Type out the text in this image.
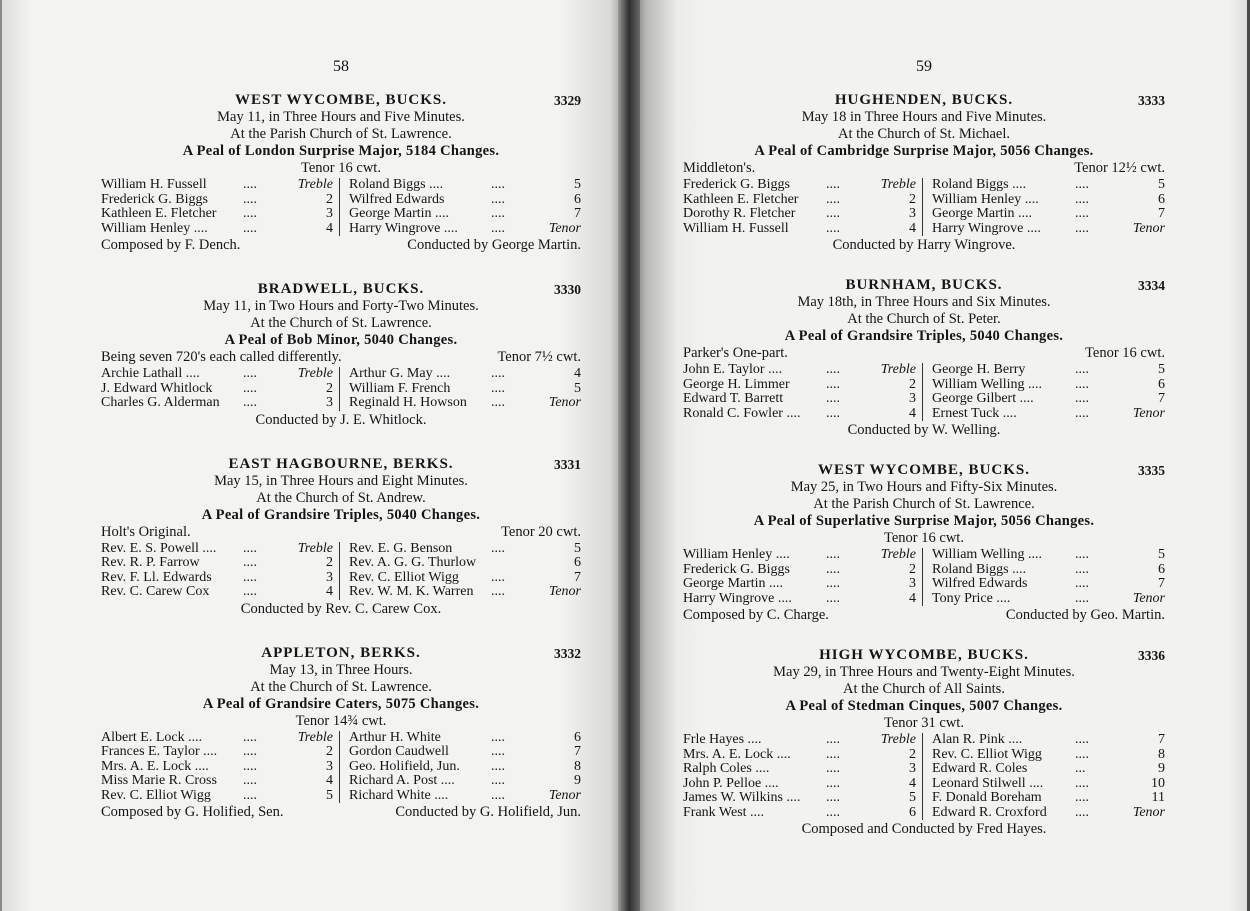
58
WEST WYCOMBE, BUCKS.	3329
May 11, in Three Hours and Five Minutes.
At the Parish Church of St. Lawrence.
A Peal of London Surprise Major, 5184 Changes.
Tenor 16 cwt.
William H. Fussell	....	Treble
Frederick G. Biggs	....	2
Kathleen E. Fletcher	....	3
William Henley ....	....	4
Roland Biggs ....	....	5
Wilfred Edwards	....	6
George Martin ....	....	7
Harry Wingrove ....	....	Tenor
Composed by F. Dench.	Conducted by George Martin.
BRADWELL, BUCKS.	3330
May 11, in Two Hours and Forty-Two Minutes.
At the Church of St. Lawrence.
A Peal of Bob Minor, 5040 Changes.
Being seven 720's each called differently.	Tenor 7½ cwt.
Archie Lathall ....	....	Treble
J. Edward Whitlock	....	2
Charles G. Alderman	....	3
Arthur G. May ....	....	4
William F. French	....	5
Reginald H. Howson	....	Tenor
Conducted by J. E. Whitlock.
EAST HAGBOURNE, BERKS.	3331
May 15, in Three Hours and Eight Minutes.
At the Church of St. Andrew.
A Peal of Grandsire Triples, 5040 Changes.
Holt's Original.	Tenor 20 cwt.
Rev. E. S. Powell ....	....	Treble
Rev. R. P. Farrow	....	2
Rev. F. Ll. Edwards	....	3
Rev. C. Carew Cox	....	4
Rev. E. G. Benson	....	5
Rev. A. G. G. Thurlow	6
Rev. C. Elliot Wigg	....	7
Rev. W. M. K. Warren	....	Tenor
Conducted by Rev. C. Carew Cox.
APPLETON, BERKS.	3332
May 13, in Three Hours.
At the Church of St. Lawrence.
A Peal of Grandsire Caters, 5075 Changes.
Tenor 14¾ cwt.
Albert E. Lock ....	....	Treble
Frances E. Taylor ....	....	2
Mrs. A. E. Lock ....	....	3
Miss Marie R. Cross	....	4
Rev. C. Elliot Wigg	....	5
Arthur H. White	....	6
Gordon Caudwell	....	7
Geo. Holifield, Jun.	....	8
Richard A. Post ....	....	9
Richard White ....	....	Tenor
Composed by G. Holified, Sen.	Conducted by G. Holifield, Jun.
59
HUGHENDEN, BUCKS.	3333
May 18 in Three Hours and Five Minutes.
At the Church of St. Michael.
A Peal of Cambridge Surprise Major, 5056 Changes.
Middleton's.	Tenor 12½ cwt.
Frederick G. Biggs	....	Treble
Kathleen E. Fletcher	....	2
Dorothy R. Fletcher	....	3
William H. Fussell	....	4
Roland Biggs ....	....	5
William Henley ....	....	6
George Martin ....	....	7
Harry Wingrove ....	....	Tenor
Conducted by Harry Wingrove.
BURNHAM, BUCKS.	3334
May 18th, in Three Hours and Six Minutes.
At the Church of St. Peter.
A Peal of Grandsire Triples, 5040 Changes.
Parker's One-part.	Tenor 16 cwt.
John E. Taylor ....	....	Treble
George H. Limmer	....	2
Edward T. Barrett	....	3
Ronald C. Fowler ....	....	4
George H. Berry	....	5
William Welling ....	....	6
George Gilbert ....	....	7
Ernest Tuck ....	....	Tenor
Conducted by W. Welling.
WEST WYCOMBE, BUCKS.	3335
May 25, in Two Hours and Fifty-Six Minutes.
At the Parish Church of St. Lawrence.
A Peal of Superlative Surprise Major, 5056 Changes.
Tenor 16 cwt.
William Henley ....	....	Treble
Frederick G. Biggs	....	2
George Martin ....	....	3
Harry Wingrove ....	....	4
William Welling ....	....	5
Roland Biggs ....	....	6
Wilfred Edwards	....	7
Tony Price ....	....	Tenor
Composed by C. Charge.	Conducted by Geo. Martin.
HIGH WYCOMBE, BUCKS.	3336
May 29, in Three Hours and Twenty-Eight Minutes.
At the Church of All Saints.
A Peal of Stedman Cinques, 5007 Changes.
Tenor 31 cwt.
Frle Hayes ....	....	Treble
Mrs. A. E. Lock ....	....	2
Ralph Coles ....	....	3
John P. Pelloe ....	....	4
James W. Wilkins ....	....	5
Frank West ....	....	6
Alan R. Pink ....	....	7
Rev. C. Elliot Wigg	....	8
Edward R. Coles	...	9
Leonard Stilwell ....	....	10
F. Donald Boreham	....	11
Edward R. Croxford	....	Tenor
Composed and Conducted by Fred Hayes.
